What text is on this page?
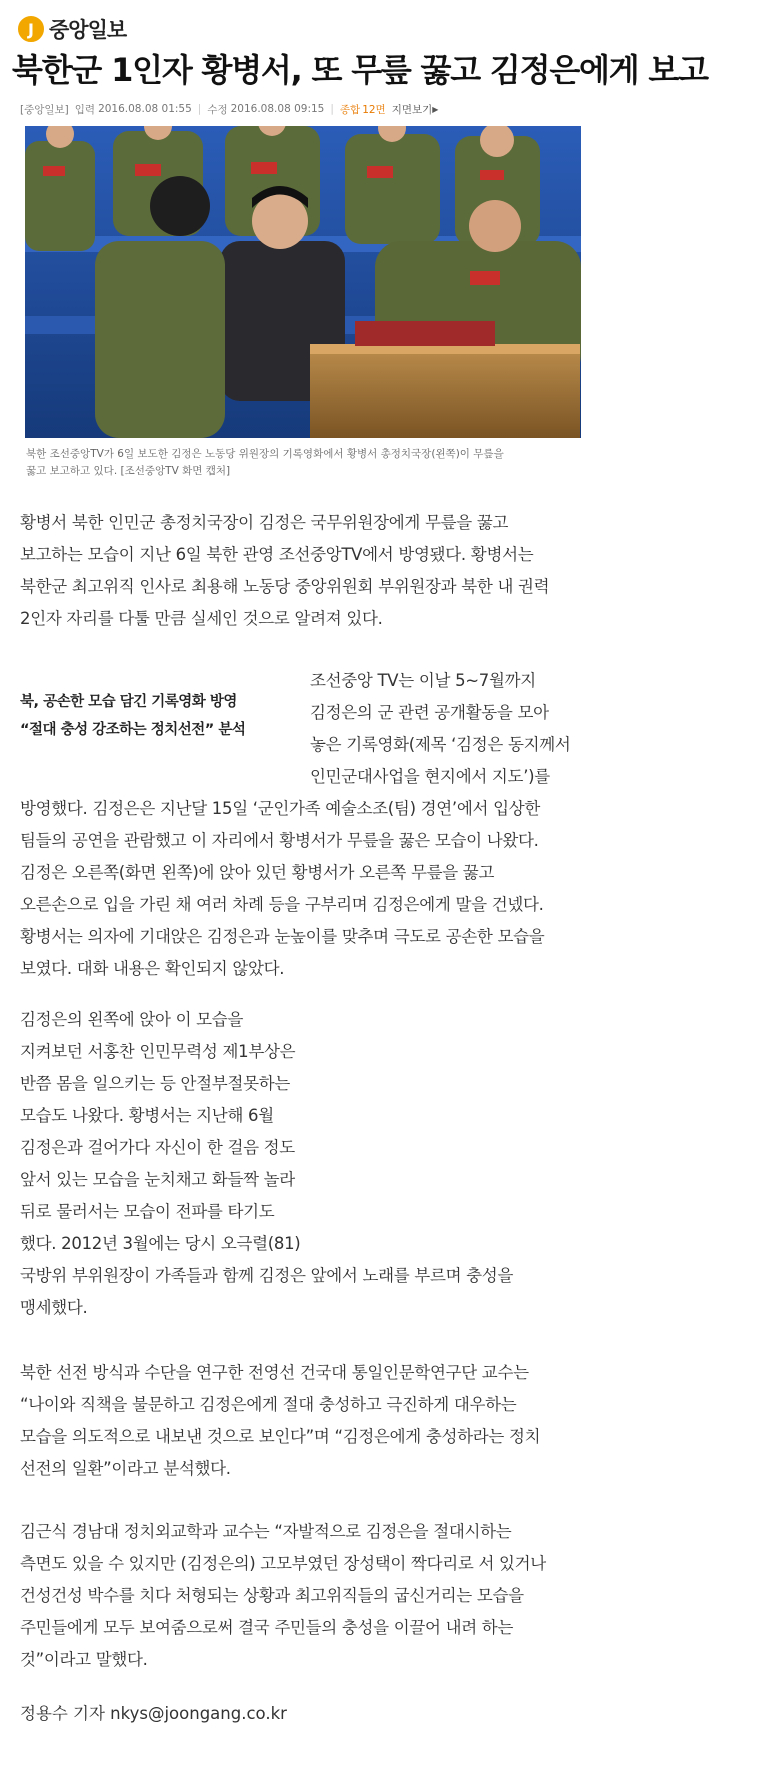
J 중앙일보
북한군 1인자 황병서, 또 무릎 꿇고 김정은에게 보고
[중앙일보] 입력 2016.08.08 01:55 | 수정 2016.08.08 09:15 | 종합 12면 지면보기 ▶
북한 조선중앙TV가 6일 보도한 김정은 노동당 위원장의 기록영화에서 황병서 총정치국장(왼쪽)이 무릎을
꿇고 보고하고 있다. [조선중앙TV 화면 캡처]
황병서 북한 인민군 총정치국장이 김정은 국무위원장에게 무릎을 꿇고
보고하는 모습이 지난 6일 북한 관영 조선중앙TV에서 방영됐다. 황병서는
북한군 최고위직 인사로 최용해 노동당 중앙위원회 부위원장과 북한 내 권력
2인자 자리를 다툴 만큼 실세인 것으로 알려져 있다.
북, 공손한 모습 담긴 기록영화 방영
“절대 충성 강조하는 정치선전” 분석
조선중앙 TV는 이날 5~7월까지
김정은의 군 관련 공개활동을 모아
놓은 기록영화(제목 ‘김정은 동지께서
인민군대사업을 현지에서 지도’)를
방영했다. 김정은은 지난달 15일 ‘군인가족 예술소조(팀) 경연’에서 입상한
팀들의 공연을 관람했고 이 자리에서 황병서가 무릎을 꿇은 모습이 나왔다.
김정은 오른쪽(화면 왼쪽)에 앉아 있던 황병서가 오른쪽 무릎을 꿇고
오른손으로 입을 가린 채 여러 차례 등을 구부리며 김정은에게 말을 건넸다.
황병서는 의자에 기대앉은 김정은과 눈높이를 맞추며 극도로 공손한 모습을
보였다. 대화 내용은 확인되지 않았다.
김정은의 왼쪽에 앉아 이 모습을
지켜보던 서홍찬 인민무력성 제1부상은
반쯤 몸을 일으키는 등 안절부절못하는
모습도 나왔다. 황병서는 지난해 6월
김정은과 걸어가다 자신이 한 걸음 정도
앞서 있는 모습을 눈치채고 화들짝 놀라
뒤로 물러서는 모습이 전파를 타기도
했다. 2012년 3월에는 당시 오극렬(81)
국방위 부위원장이 가족들과 함께 김정은 앞에서 노래를 부르며 충성을
맹세했다.
북한 선전 방식과 수단을 연구한 전영선 건국대 통일인문학연구단 교수는
“나이와 직책을 불문하고 김정은에게 절대 충성하고 극진하게 대우하는
모습을 의도적으로 내보낸 것으로 보인다”며 “김정은에게 충성하라는 정치
선전의 일환”이라고 분석했다.
김근식 경남대 정치외교학과 교수는 “자발적으로 김정은을 절대시하는
측면도 있을 수 있지만 (김정은의) 고모부였던 장성택이 짝다리로 서 있거나
건성건성 박수를 치다 처형되는 상황과 최고위직들의 굽신거리는 모습을
주민들에게 모두 보여줌으로써 결국 주민들의 충성을 이끌어 내려 하는
것”이라고 말했다.
정용수 기자 nkys@joongang.co.kr
